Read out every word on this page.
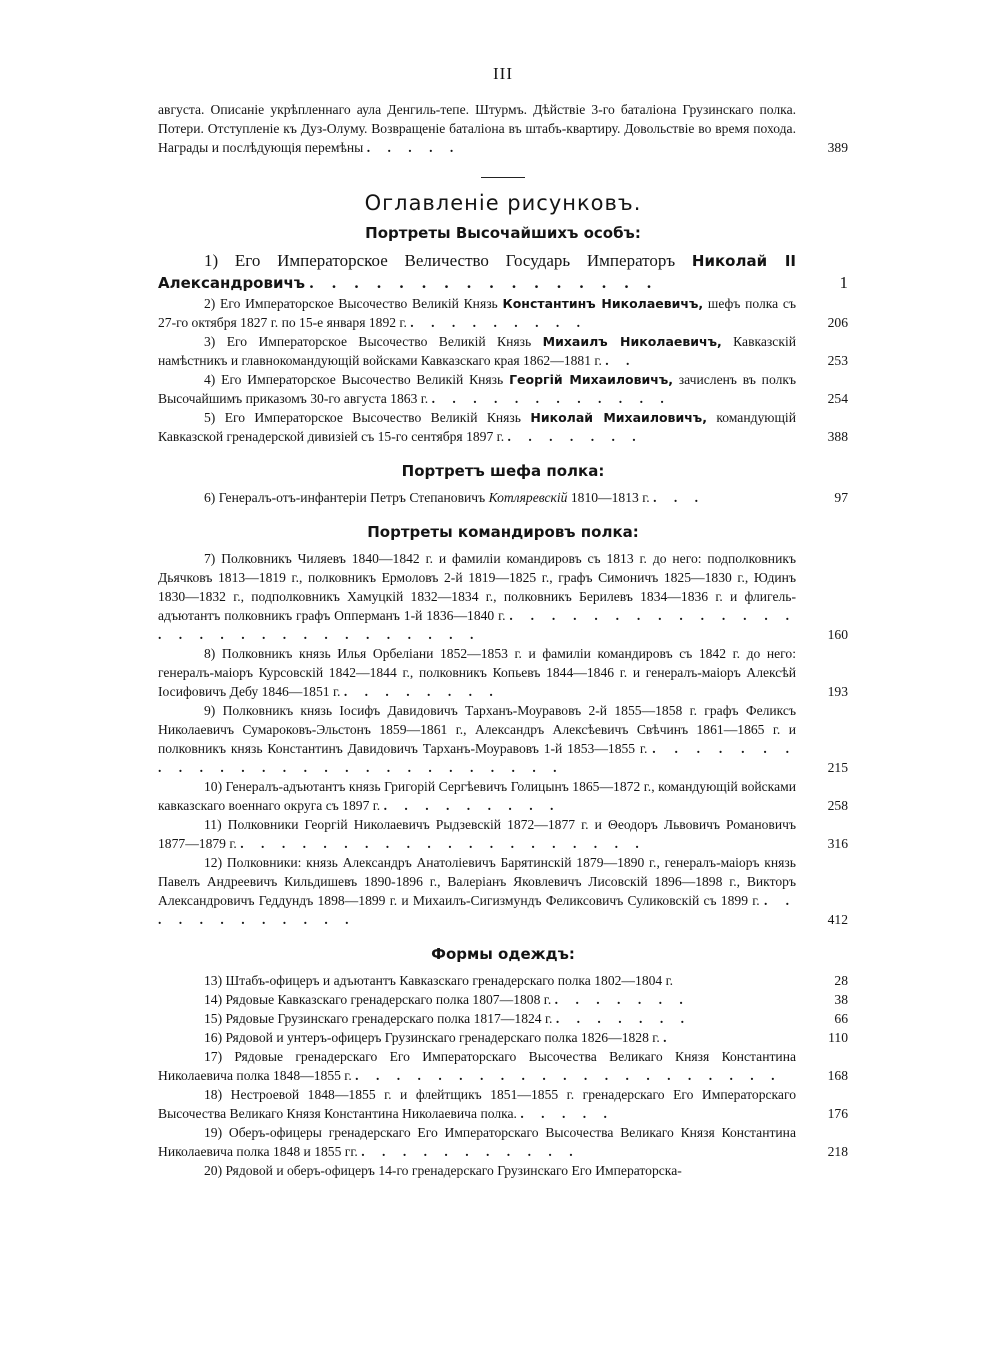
III
августа. Описаніе укрѣпленнаго аула Денгиль-тепе. Штурмъ. Дѣйствіе 3-го баталіона Грузинскаго полка. Потери. Отступленіе къ Дуз-Олуму. Возвращеніе баталіона въ штабъ-квартиру. Довольствіе во время похода. Награды и послѣдующія перемѣны . . . . .	389
Оглавленіе рисунковъ.
Портреты Высочайшихъ особъ:
1) Его Императорское Величество Государь Императоръ Николай II Александровичъ . . . . . . . . . . . . . . . .	1
2) Его Императорское Высочество Великій Князь Константинъ Николаевичъ, шефъ полка съ 27-го октября 1827 г. по 15-е января 1892 г. . . . . . . . . .	206
3) Его Императорское Высочество Великій Князь Михаилъ Николаевичъ, Кавказскій намѣстникъ и главнокомандующій войсками Кавказскаго края 1862—1881 г. . .	253
4) Его Императорское Высочество Великій Князь Георгій Михаиловичъ, зачисленъ въ полкъ Высочайшимъ приказомъ 30-го августа 1863 г. . . . . . . . . . . . .	254
5) Его Императорское Высочество Великій Князь Николай Михаиловичъ, командующій Кавказской гренадерской дивизіей съ 15-го сентября 1897 г. . . . . . . .	388
Портретъ шефа полка:
6) Генералъ-отъ-инфантеріи Петръ Степановичъ Котляревскій 1810—1813 г. . . .	97
Портреты командировъ полка:
7) Полковникъ Чиляевъ 1840—1842 г. и фамиліи командировъ съ 1813 г. до него: подполковникъ Дьячковъ 1813—1819 г., полковникъ Ермоловъ 2-й 1819—1825 г., графъ Симоничъ 1825—1830 г., Юдинъ 1830—1832 г., подполковникъ Хамуцкій 1832—1834 г., полковникъ Берилевъ 1834—1836 г. и флигель-адъютантъ полковникъ графъ Опперманъ 1-й 1836—1840 г. . . . . . . . . . . . . . . . . . . . . . . . . . . . . . .	160
8) Полковникъ князь Илья Орбеліани 1852—1853 г. и фамиліи командировъ съ 1842 г. до него: генералъ-маіоръ Курсовскій 1842—1844 г., полковникъ Копьевъ 1844—1846 г. и генералъ-маіоръ Алексѣй Іосифовичъ Дебу 1846—1851 г. . . . . . . . .	193
9) Полковникъ князь Іосифъ Давидовичъ Тарханъ-Моуравовъ 2-й 1855—1858 г. графъ Феликсъ Николаевичъ Сумароковъ-Эльстонъ 1859—1861 г., Александръ Алексѣевичъ Свѣчинъ 1861—1865 г. и полковникъ князь Константинъ Давидовичъ Тарханъ-Моуравовъ 1-й 1853—1855 г. . . . . . . . . . . . . . . . . . . . . . . . . . . .	215
10) Генералъ-адъютантъ князь Григорій Сергѣевичъ Голицынъ 1865—1872 г., командующій войсками кавказскаго военнаго округа съ 1897 г. . . . . . . . . .	258
11) Полковники Георгій Николаевичъ Рыдзевскій 1872—1877 г. и Θеодоръ Львовичъ Романовичъ 1877—1879 г. . . . . . . . . . . . . . . . . . . . .	316
12) Полковники: князь Александръ Анатоліевичъ Барятинскій 1879—1890 г., генералъ-маіоръ князь Павелъ Андреевичъ Кильдишевъ 1890-1896 г., Валеріанъ Яковлевичъ Лисовскій 1896—1898 г., Викторъ Александровичъ Геддундъ 1898—1899 г. и Михаилъ-Сигизмундъ Феликсовичъ Суликовскій съ 1899 г. . . . . . . . . . . . .	412
Формы одеждъ:
13) Штабъ-офицеръ и адъютантъ Кавказскаго гренадерскаго полка 1802—1804 г.	28
14) Рядовые Кавказскаго гренадерскаго полка 1807—1808 г. . . . . . . .	38
15) Рядовые Грузинскаго гренадерскаго полка 1817—1824 г. . . . . . . .	66
16) Рядовой и унтеръ-офицеръ Грузинскаго гренадерскаго полка 1826—1828 г. .	110
17) Рядовые гренадерскаго Его Императорскаго Высочества Великаго Князя Константина Николаевича полка 1848—1855 г. . . . . . . . . . . . . . . . . . . . . .	168
18) Нестроевой 1848—1855 г. и флейтщикъ 1851—1855 г. гренадерскаго Его Императорскаго Высочества Великаго Князя Константина Николаевича полка. . . . . .	176
19) Оберъ-офицеры гренадерскаго Его Императорскаго Высочества Великаго Князя Константина Николаевича полка 1848 и 1855 гг. . . . . . . . . . . .	218
20) Рядовой и оберъ-офицеръ 14-го гренадерскаго Грузинскаго Его Императорска-
